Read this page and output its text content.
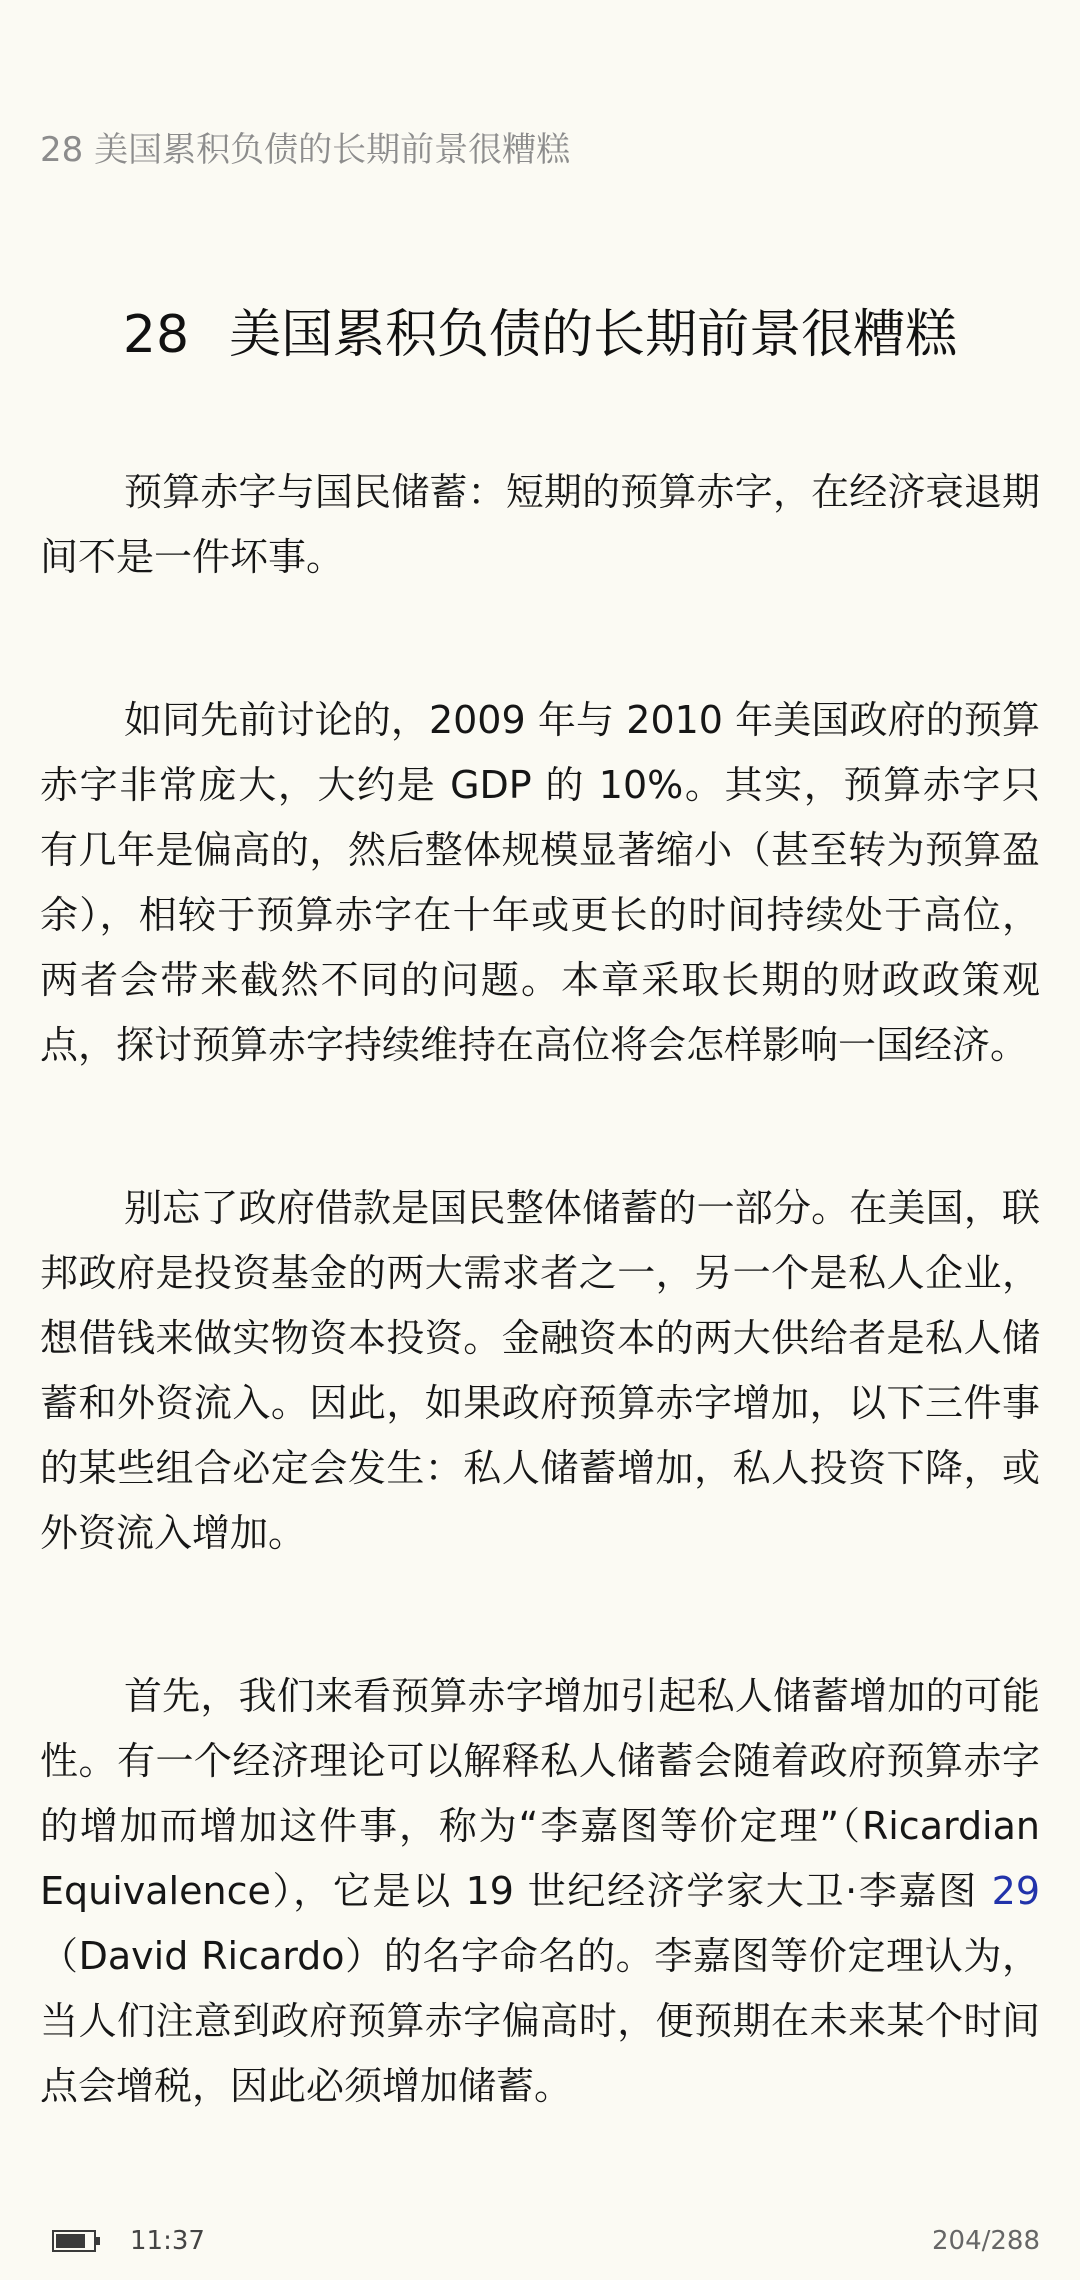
28 美国累积负债的长期前景很糟糕
28 美国累积负债的长期前景很糟糕

预算赤字与国民储蓄：短期的预算赤字，在经济衰退期间不是一件坏事。

如同先前讨论的，2009 年与 2010 年美国政府的预算赤字非常庞大，大约是 GDP 的 10%。其实，预算赤字只有几年是偏高的，然后整体规模显著缩小（甚至转为预算盈余），相较于预算赤字在十年或更长的时间持续处于高位，两者会带来截然不同的问题。本章采取长期的财政政策观点，探讨预算赤字持续维持在高位将会怎样影响一国经济。

别忘了政府借款是国民整体储蓄的一部分。在美国，联邦政府是投资基金的两大需求者之一，另一个是私人企业，想借钱来做实物资本投资。金融资本的两大供给者是私人储蓄和外资流入。因此，如果政府预算赤字增加，以下三件事的某些组合必定会发生：私人储蓄增加，私人投资下降，或外资流入增加。

首先，我们来看预算赤字增加引起私人储蓄增加的可能性。有一个经济理论可以解释私人储蓄会随着政府预算赤字的增加而增加这件事，称为“李嘉图等价定理”（Ricardian Equivalence），它是以 19 世纪经济学家大卫·李嘉图 29（David Ricardo）的名字命名的。李嘉图等价定理认为，当人们注意到政府预算赤字偏高时，便预期在未来某个时间点会增税，因此必须增加储蓄。

11:37	204/288
